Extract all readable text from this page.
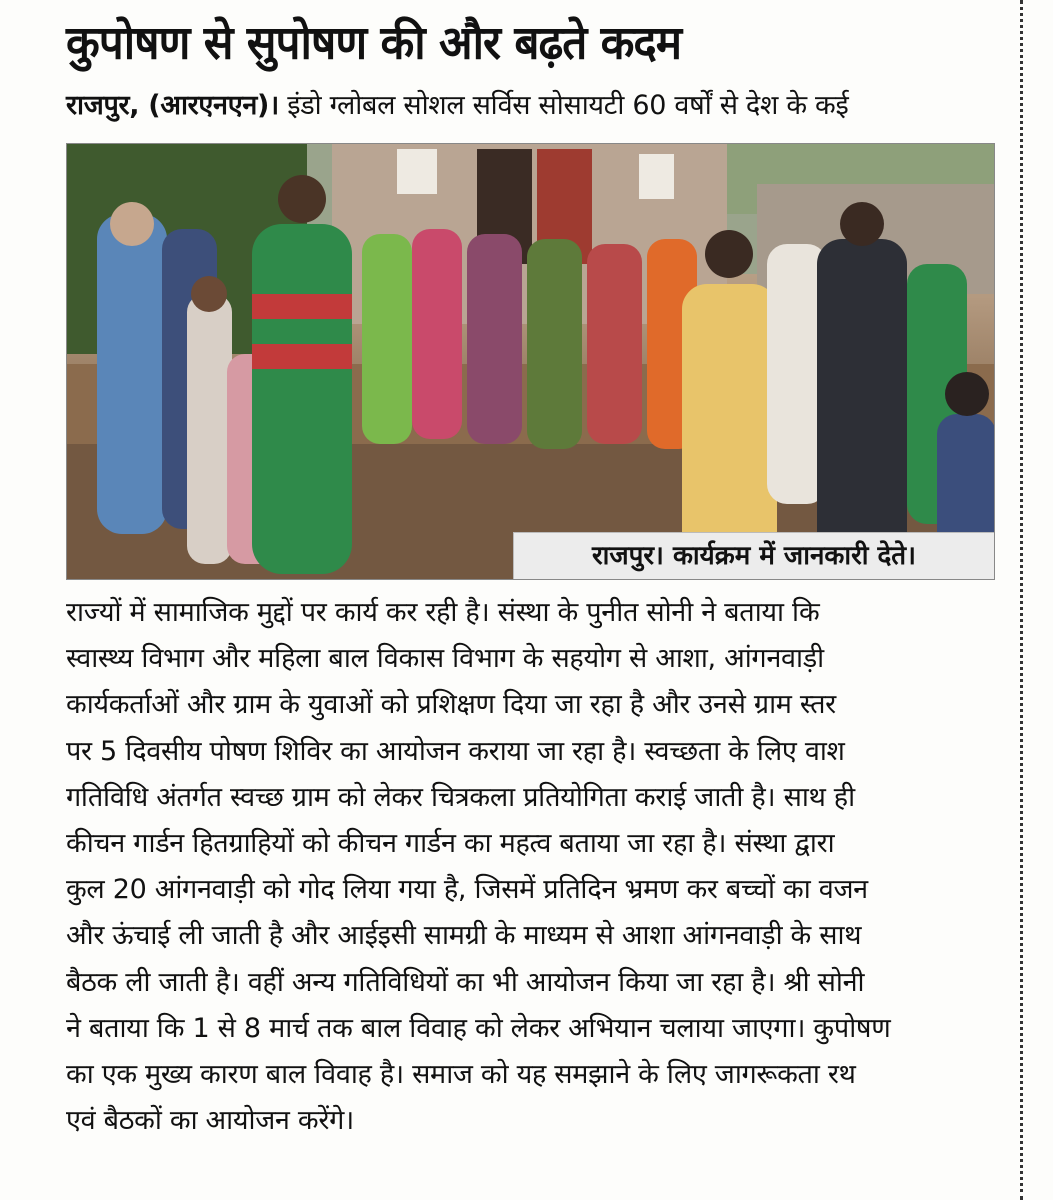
कुपोषण से सुपोषण की और बढ़ते कदम
राजपुर, (आरएनएन)। इंडो ग्लोबल सोशल सर्विस सोसायटी 60 वर्षों से देश के कई
राजपुर। कार्यक्रम में जानकारी देते।
राज्यों में सामाजिक मुद्दों पर कार्य कर रही है। संस्था के पुनीत सोनी ने बताया कि
स्वास्थ्य विभाग और महिला बाल विकास विभाग के सहयोग से आशा, आंगनवाड़ी
कार्यकर्ताओं और ग्राम के युवाओं को प्रशिक्षण दिया जा रहा है और उनसे ग्राम स्तर
पर 5 दिवसीय पोषण शिविर का आयोजन कराया जा रहा है। स्वच्छता के लिए वाश
गतिविधि अंतर्गत स्वच्छ ग्राम को लेकर चित्रकला प्रतियोगिता कराई जाती है। साथ ही
कीचन गार्डन हितग्राहियों को कीचन गार्डन का महत्व बताया जा रहा है। संस्था द्वारा
कुल 20 आंगनवाड़ी को गोद लिया गया है, जिसमें प्रतिदिन भ्रमण कर बच्चों का वजन
और ऊंचाई ली जाती है और आईइसी सामग्री के माध्यम से आशा आंगनवाड़ी के साथ
बैठक ली जाती है। वहीं अन्य गतिविधियों का भी आयोजन किया जा रहा है। श्री सोनी
ने बताया कि 1 से 8 मार्च तक बाल विवाह को लेकर अभियान चलाया जाएगा। कुपोषण
का एक मुख्य कारण बाल विवाह है। समाज को यह समझाने के लिए जागरूकता रथ
एवं बैठकों का आयोजन करेंगे।
